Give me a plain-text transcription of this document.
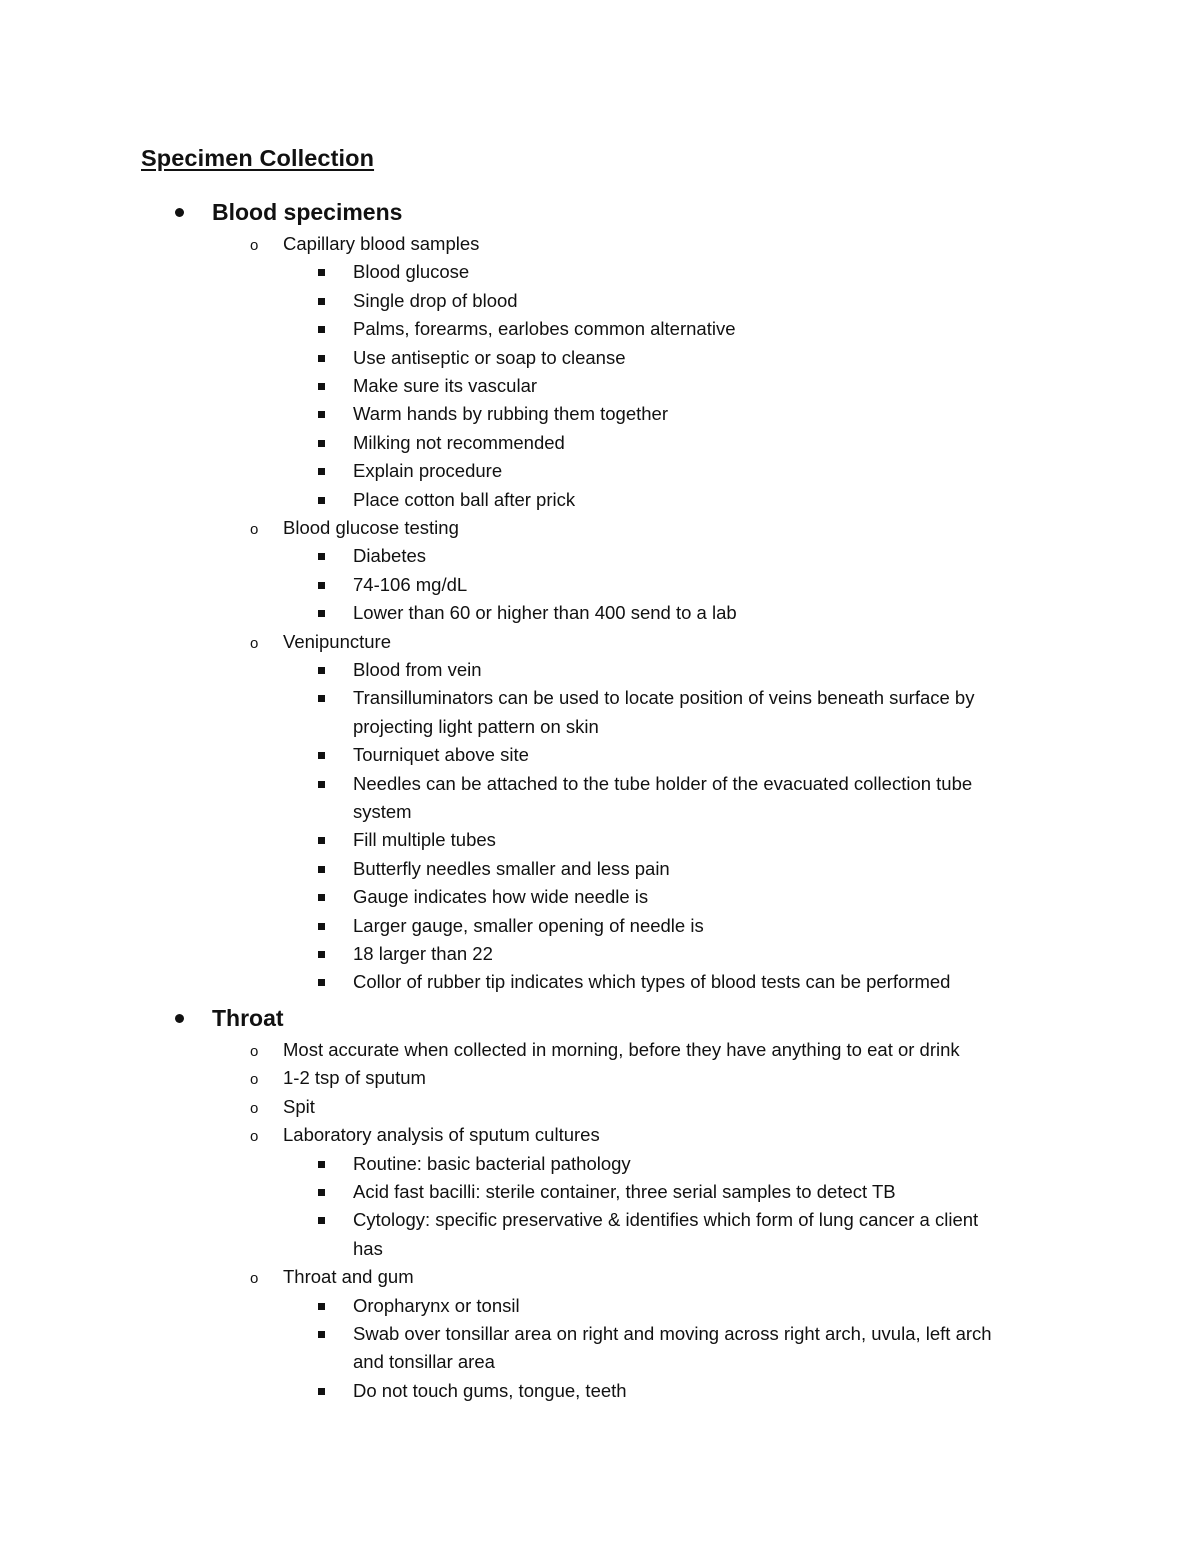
Specimen Collection
Blood specimens
o Capillary blood samples
Blood glucose
Single drop of blood
Palms, forearms, earlobes common alternative
Use antiseptic or soap to cleanse
Make sure its vascular
Warm hands by rubbing them together
Milking not recommended
Explain procedure
Place cotton ball after prick
o Blood glucose testing
Diabetes
74-106 mg/dL
Lower than 60 or higher than 400 send to a lab
o Venipuncture
Blood from vein
Transilluminators can be used to locate position of veins beneath surface by
projecting light pattern on skin
Tourniquet above site
Needles can be attached to the tube holder of the evacuated collection tube
system
Fill multiple tubes
Butterfly needles smaller and less pain
Gauge indicates how wide needle is
Larger gauge, smaller opening of needle is
18 larger than 22
Collor of rubber tip indicates which types of blood tests can be performed
Throat
o Most accurate when collected in morning, before they have anything to eat or drink
o 1-2 tsp of sputum
o Spit
o Laboratory analysis of sputum cultures
Routine: basic bacterial pathology
Acid fast bacilli: sterile container, three serial samples to detect TB
Cytology: specific preservative & identifies which form of lung cancer a client
has
o Throat and gum
Oropharynx or tonsil
Swab over tonsillar area on right and moving across right arch, uvula, left arch
and tonsillar area
Do not touch gums, tongue, teeth
